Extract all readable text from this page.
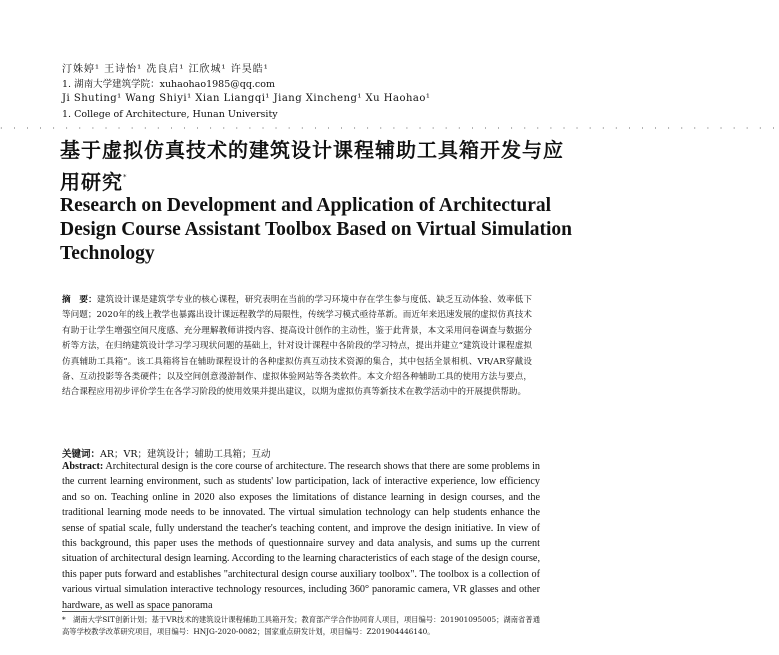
汀姝婷¹ 王诗怡¹ 冼良启¹ 江欣城¹ 许昊皓¹
1. 湖南大学建筑学院：xuhaohao1985@qq.com
Ji Shuting¹ Wang Shiyi¹ Xian Liangqi¹ Jiang Xincheng¹ Xu Haohao¹
1. College of Architecture, Hunan University
· · · · · · · · · · · · · · · · · · · · · · · · · · · · · · · · · · · · · · · · · · · · · · · · · · · · · · · · · · · ·
基于虚拟仿真技术的建筑设计课程辅助工具箱开发与应用研究*
Research on Development and Application of Architectural Design Course Assistant Toolbox Based on Virtual Simulation Technology
摘　要：建筑设计课是建筑学专业的核心课程，研究表明在当前的学习环境中存在学生参与度低、缺乏互动体验、效率低下等问题；2020年的线上教学也暴露出设计课远程教学的局限性，传统学习模式亟待革新。而近年来迅速发展的虚拟仿真技术有助于让学生增强空间尺度感、充分理解教师讲授内容、提高设计创作的主动性，鉴于此背景，本文采用问卷调查与数据分析等方法，在归纳建筑设计学习学习现状问题的基础上，针对设计课程中各阶段的学习特点，提出并建立“建筑设计课程虚拟仿真辅助工具箱”。该工具箱将旨在辅助课程设计的各种虚拟仿真互动技术资源的集合，其中包括全景相机、VR/AR穿戴设备、互动投影等各类硬件；以及空间创意漫游制作、虚拟体验网站等各类软件。本文介绍各种辅助工具的使用方法与要点，结合课程应用初步评价学生在各学习阶段的使用效果并提出建议，以期为虚拟仿真等新技术在教学活动中的开展提供帮助。
关键词：AR；VR；建筑设计；辅助工具箱；互动
Abstract: Architectural design is the core course of architecture. The research shows that there are some problems in the current learning environment, such as students' low participation, lack of interactive experience, low efficiency and so on. Teaching online in 2020 also exposes the limitations of distance learning in design courses, and the traditional learning mode needs to be innovated. The virtual simulation technology can help students enhance the sense of spatial scale, fully understand the teacher's teaching content, and improve the design initiative. In view of this background, this paper uses the methods of questionnaire survey and data analysis, and sums up the current situation of architectural design learning. According to the learning characteristics of each stage of the design course, this paper puts forward and establishes "architectural design course auxiliary toolbox". The toolbox is a collection of various virtual simulation interactive technology resources, including 360° panoramic camera, VR glasses and other hardware, as well as space panorama
*　湖南大学SIT创新计划；基于VR技术的建筑设计课程辅助工具箱开发；教育部产学合作协同育人项目，项目编号：201901095005；湖南省普通高等学校教学改革研究项目，项目编号：HNJG-2020-0082；国家重点研发计划，项目编号：Z201904446140。
